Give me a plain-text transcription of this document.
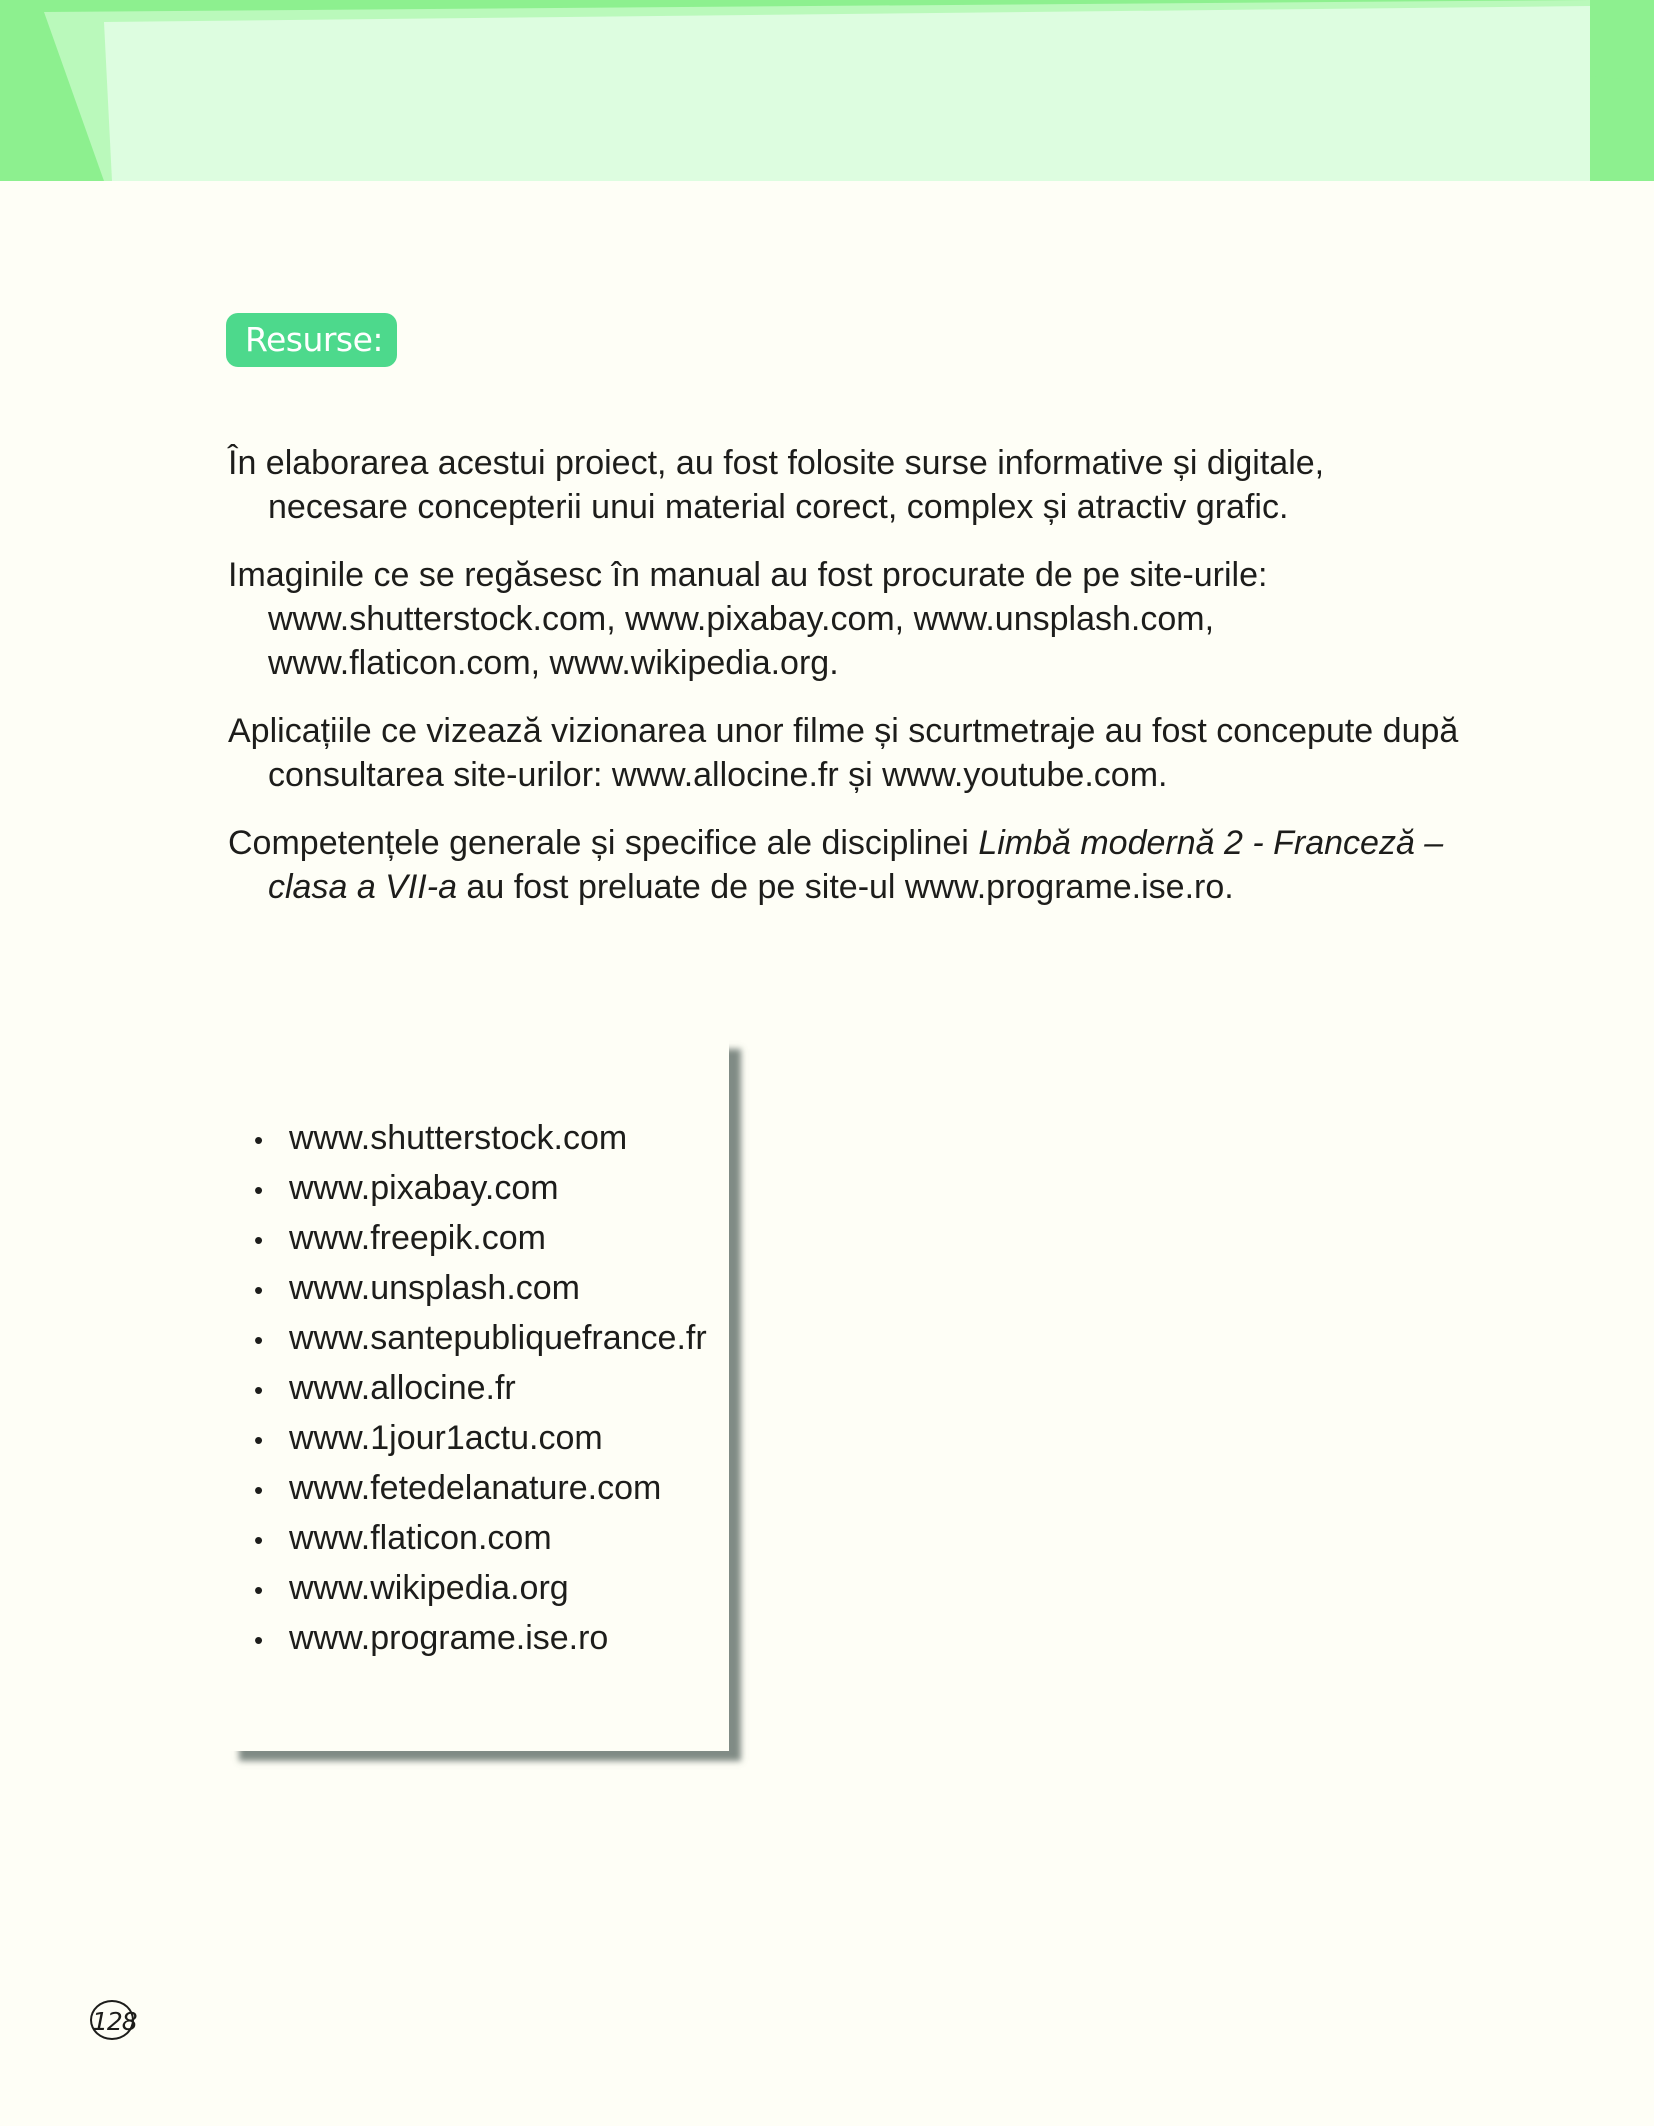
Resurse:

În elaborarea acestui proiect, au fost folosite surse informative și digitale, necesare concepterii unui material corect, complex și atractiv grafic.

Imaginile ce se regăsesc în manual au fost procurate de pe site-urile: www.shutterstock.com, www.pixabay.com, www.unsplash.com, www.flaticon.com, www.wikipedia.org.

Aplicațiile ce vizează vizionarea unor filme și scurtmetraje au fost concepute după consultarea site-urilor: www.allocine.fr și www.youtube.com.

Competențele generale și specifice ale disciplinei Limbă modernă 2 - Franceză – clasa a VII-a au fost preluate de pe site-ul www.programe.ise.ro.

• www.shutterstock.com
• www.pixabay.com
• www.freepik.com
• www.unsplash.com
• www.santepubliquefrance.fr
• www.allocine.fr
• www.1jour1actu.com
• www.fetedelanature.com
• www.flaticon.com
• www.wikipedia.org
• www.programe.ise.ro
128
